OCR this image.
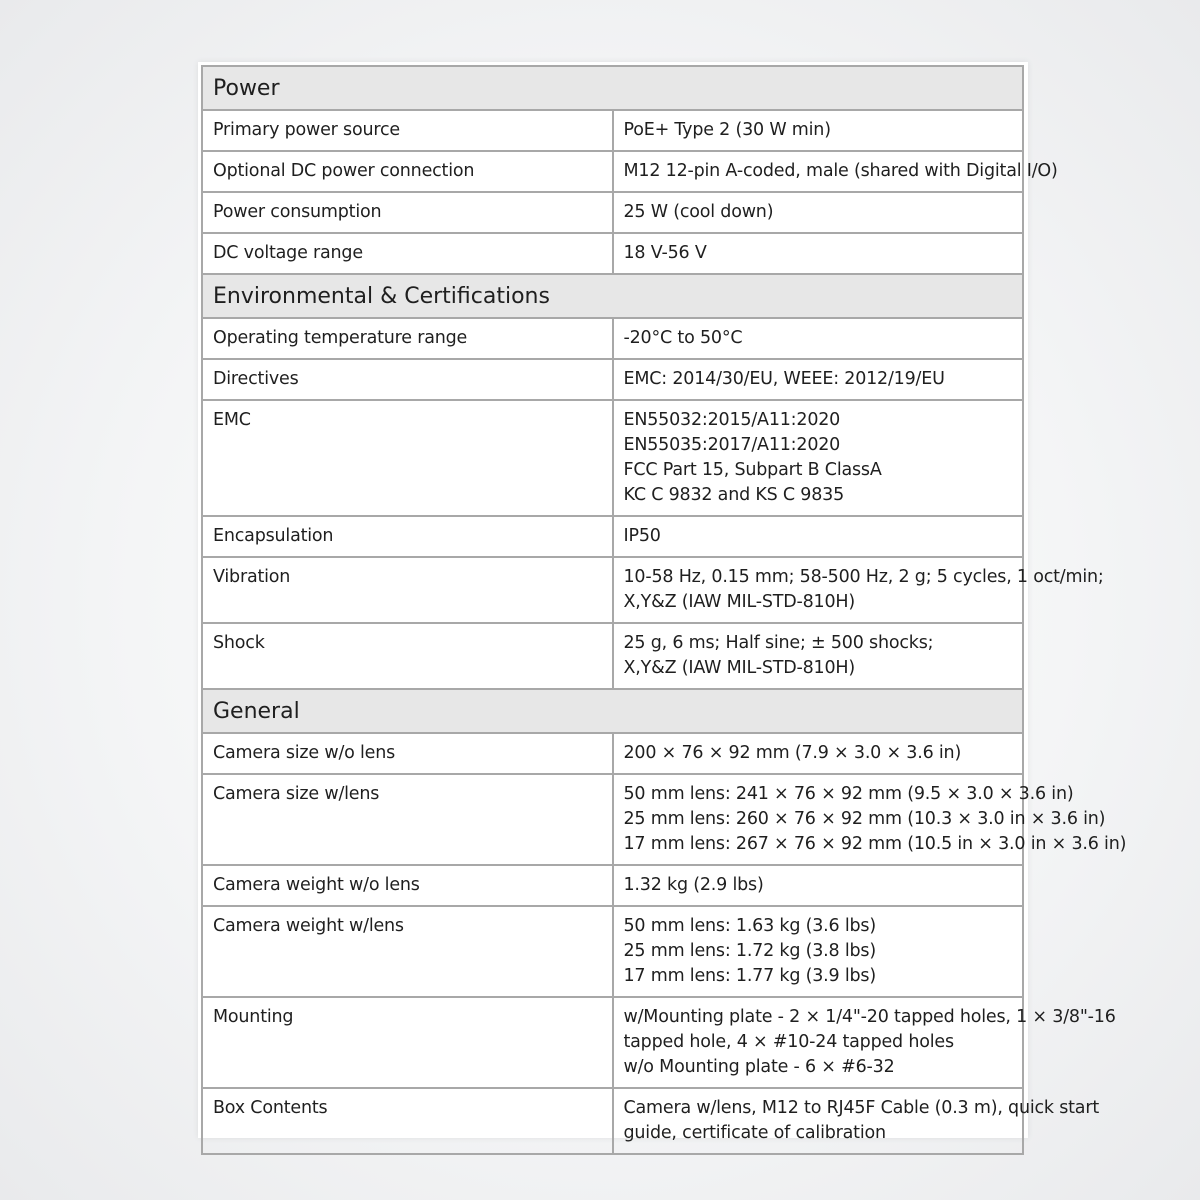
Power	
Primary power source	PoE+ Type 2 (30 W min)

Optional DC power connection	M12 12-pin A-coded, male (shared with Digital I/O)

Power consumption	25 W (cool down)

DC voltage range	18 V-56 V

Environmental & Certifications	
Operating temperature range	-20°C to 50°C

Directives	EMC: 2014/30/EU, WEEE: 2012/19/EU

EMC	EN55032:2015/A11:2020
EN55035:2017/A11:2020
FCC Part 15, Subpart B ClassA
KC C 9832 and KS C 9835

Encapsulation	IP50

Vibration	10-58 Hz, 0.15 mm; 58-500 Hz, 2 g; 5 cycles, 1 oct/min;
X,Y&Z (IAW MIL-STD-810H)

Shock	25 g, 6 ms; Half sine; ± 500 shocks;
X,Y&Z (IAW MIL-STD-810H)

General	
Camera size w/o lens	200 × 76 × 92 mm (7.9 × 3.0 × 3.6 in)

Camera size w/lens	50 mm lens: 241 × 76 × 92 mm (9.5 × 3.0 × 3.6 in)
25 mm lens: 260 × 76 × 92 mm (10.3 × 3.0 in × 3.6 in)
17 mm lens: 267 × 76 × 92 mm (10.5 in × 3.0 in × 3.6 in)

Camera weight w/o lens	1.32 kg (2.9 lbs)

Camera weight w/lens	50 mm lens: 1.63 kg (3.6 lbs)
25 mm lens: 1.72 kg (3.8 lbs)
17 mm lens: 1.77 kg (3.9 lbs)

Mounting	w/Mounting plate - 2 × 1/4"-20 tapped holes, 1 × 3/8"-16
tapped hole, 4 × #10-24 tapped holes
w/o Mounting plate - 6 × #6-32

Box Contents	Camera w/lens, M12 to RJ45F Cable (0.3 m), quick start
guide, certificate of calibration
